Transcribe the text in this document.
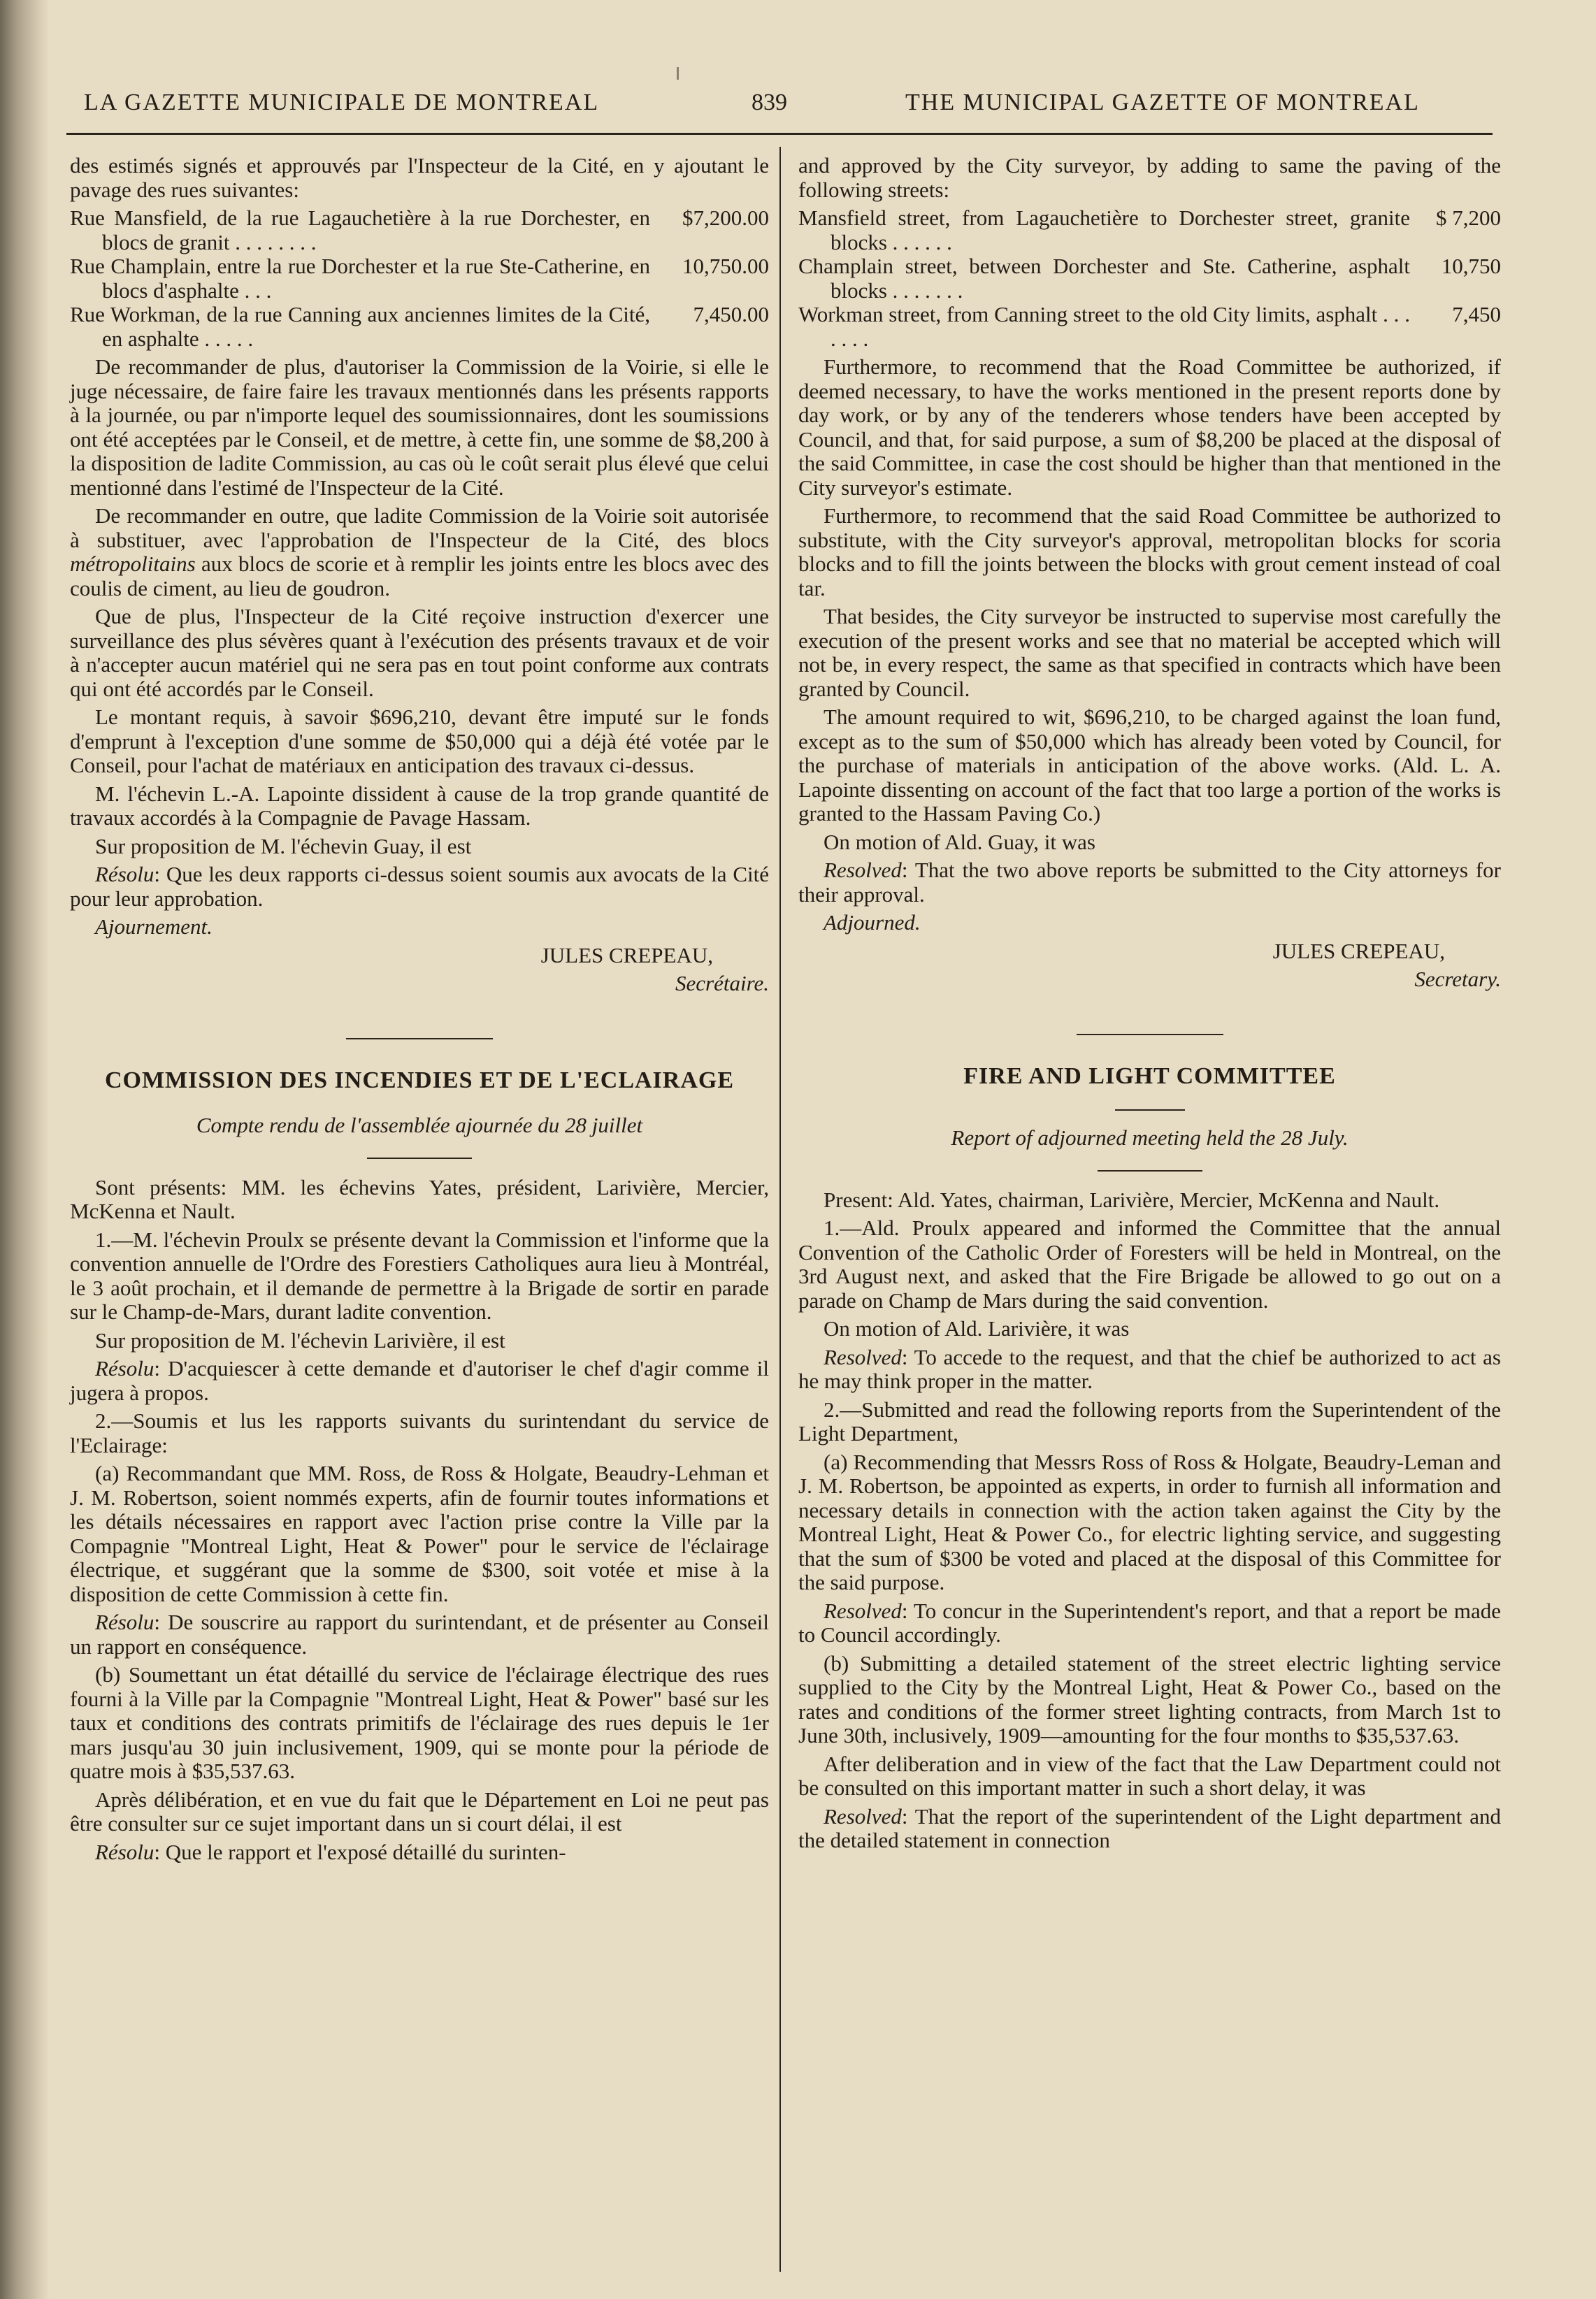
LA GAZETTE MUNICIPALE DE MONTREAL	839	THE MUNICIPAL GAZETTE OF MONTREAL

des estimés signés et approuvés par l'Inspecteur de la Cité, en y ajoutant le pavage des rues suivantes:

Rue Mansfield, de la rue Lagauchetière à la rue Dorchester, en blocs de granit . . . . . . . .
$7,200.00
Rue Champlain, entre la rue Dorchester et la rue Ste-Catherine, en blocs d'asphalte . . .
10,750.00
Rue Workman, de la rue Canning aux anciennes limites de la Cité, en asphalte . . . . .
7,450.00

De recommander de plus, d'autoriser la Commission de la Voirie, si elle le juge nécessaire, de faire faire les travaux mentionnés dans les présents rapports à la journée, ou par n'importe lequel des soumissionnaires, dont les soumissions ont été acceptées par le Conseil, et de mettre, à cette fin, une somme de $8,200 à la disposition de ladite Commission, au cas où le coût serait plus élevé que celui mentionné dans l'estimé de l'Inspecteur de la Cité.

De recommander en outre, que ladite Commission de la Voirie soit autorisée à substituer, avec l'approbation de l'Inspecteur de la Cité, des blocs métropolitains aux blocs de scorie et à remplir les joints entre les blocs avec des coulis de ciment, au lieu de goudron.

Que de plus, l'Inspecteur de la Cité reçoive instruction d'exercer une surveillance des plus sévères quant à l'exécution des présents travaux et de voir à n'accepter aucun matériel qui ne sera pas en tout point conforme aux contrats qui ont été accordés par le Conseil.

Le montant requis, à savoir $696,210, devant être imputé sur le fonds d'emprunt à l'exception d'une somme de $50,000 qui a déjà été votée par le Conseil, pour l'achat de matériaux en anticipation des travaux ci-dessus.

M. l'échevin L.-A. Lapointe dissident à cause de la trop grande quantité de travaux accordés à la Compagnie de Pavage Hassam.

Sur proposition de M. l'échevin Guay, il est

Résolu: Que les deux rapports ci-dessus soient soumis aux avocats de la Cité pour leur approbation.

Ajournement.

JULES CREPEAU,

Secrétaire.

COMMISSION DES INCENDIES ET DE L'ECLAIRAGE
Compte rendu de l'assemblée ajournée du 28 juillet

Sont présents: MM. les échevins Yates, président, Larivière, Mercier, McKenna et Nault.

1.—M. l'échevin Proulx se présente devant la Commission et l'informe que la convention annuelle de l'Ordre des Forestiers Catholiques aura lieu à Montréal, le 3 août prochain, et il demande de permettre à la Brigade de sortir en parade sur le Champ-de-Mars, durant ladite convention.

Sur proposition de M. l'échevin Larivière, il est

Résolu: D'acquiescer à cette demande et d'autoriser le chef d'agir comme il jugera à propos.

2.—Soumis et lus les rapports suivants du surintendant du service de l'Eclairage:

(a) Recommandant que MM. Ross, de Ross & Holgate, Beaudry-Lehman et J. M. Robertson, soient nommés experts, afin de fournir toutes informations et les détails nécessaires en rapport avec l'action prise contre la Ville par la Compagnie "Montreal Light, Heat & Power" pour le service de l'éclairage électrique, et suggérant que la somme de $300, soit votée et mise à la disposition de cette Commission à cette fin.

Résolu: De souscrire au rapport du surintendant, et de présenter au Conseil un rapport en conséquence.

(b) Soumettant un état détaillé du service de l'éclairage électrique des rues fourni à la Ville par la Compagnie "Montreal Light, Heat & Power" basé sur les taux et conditions des contrats primitifs de l'éclairage des rues depuis le 1er mars jusqu'au 30 juin inclusivement, 1909, qui se monte pour la période de quatre mois à $35,537.63.

Après délibération, et en vue du fait que le Département en Loi ne peut pas être consulter sur ce sujet important dans un si court délai, il est

Résolu: Que le rapport et l'exposé détaillé du surinten-

and approved by the City surveyor, by adding to same the paving of the following streets:

Mansfield street, from Lagauchetière to Dorchester street, granite blocks . . . . . .
$ 7,200
Champlain street, between Dorchester and Ste. Catherine, asphalt blocks . . . . . . .
10,750
Workman street, from Canning street to the old City limits, asphalt . . . . . . .
7,450

Furthermore, to recommend that the Road Committee be authorized, if deemed necessary, to have the works mentioned in the present reports done by day work, or by any of the tenderers whose tenders have been accepted by Council, and that, for said purpose, a sum of $8,200 be placed at the disposal of the said Committee, in case the cost should be higher than that mentioned in the City surveyor's estimate.

Furthermore, to recommend that the said Road Committee be authorized to substitute, with the City surveyor's approval, metropolitan blocks for scoria blocks and to fill the joints between the blocks with grout cement instead of coal tar.

That besides, the City surveyor be instructed to supervise most carefully the execution of the present works and see that no material be accepted which will not be, in every respect, the same as that specified in contracts which have been granted by Council.

The amount required to wit, $696,210, to be charged against the loan fund, except as to the sum of $50,000 which has already been voted by Council, for the purchase of materials in anticipation of the above works. (Ald. L. A. Lapointe dissenting on account of the fact that too large a portion of the works is granted to the Hassam Paving Co.)

On motion of Ald. Guay, it was

Resolved: That the two above reports be submitted to the City attorneys for their approval.

Adjourned.

JULES CREPEAU,

Secretary.

FIRE AND LIGHT COMMITTEE
Report of adjourned meeting held the 28 July.

Present: Ald. Yates, chairman, Larivière, Mercier, McKenna and Nault.

1.—Ald. Proulx appeared and informed the Committee that the annual Convention of the Catholic Order of Foresters will be held in Montreal, on the 3rd August next, and asked that the Fire Brigade be allowed to go out on a parade on Champ de Mars during the said convention.

On motion of Ald. Larivière, it was

Resolved: To accede to the request, and that the chief be authorized to act as he may think proper in the matter.

2.—Submitted and read the following reports from the Superintendent of the Light Department,

(a) Recommending that Messrs Ross of Ross & Holgate, Beaudry-Leman and J. M. Robertson, be appointed as experts, in order to furnish all information and necessary details in connection with the action taken against the City by the Montreal Light, Heat & Power Co., for electric lighting service, and suggesting that the sum of $300 be voted and placed at the disposal of this Committee for the said purpose.

Resolved: To concur in the Superintendent's report, and that a report be made to Council accordingly.

(b) Submitting a detailed statement of the street electric lighting service supplied to the City by the Montreal Light, Heat & Power Co., based on the rates and conditions of the former street lighting contracts, from March 1st to June 30th, inclusively, 1909—amounting for the four months to $35,537.63.

After deliberation and in view of the fact that the Law Department could not be consulted on this important matter in such a short delay, it was

Resolved: That the report of the superintendent of the Light department and the detailed statement in connection
